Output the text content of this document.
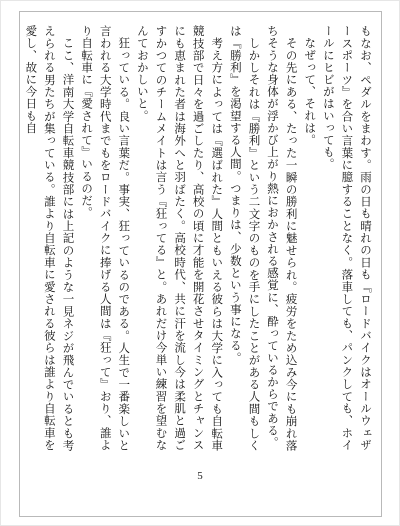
もなお、ペダルをまわす。雨の日も晴れの日も『ロードバイクはオールウェザースポーツ』を合い言葉に臆することなく。落車しても、パンクしても、ホイールにヒビがはいっても。

なぜって、それは。

その先にある、たった一瞬の勝利に魅せられ。疲労をため込み今にも崩れ落ちそうな身体が浮かび上がり熱におかされる感覚に、酔っているからである。

しかしそれは『勝利』という二文字のものを手にしたことがある人間もしくは『勝利』を渇望する人間。つまりは、少数という事になる。

考え方によっては『選ばれた』人間ともいえる彼らは大学に入っても自転車競技部で日々を過ごしたり、高校の頃に才能を開花させタイミングとチャンスにも恵まれた者は海外へと羽ばたく。高校時代、共に汗を流し今は柔肌と過ごすかつてのチームメイトは言う『狂ってる』と。あれだけ今単い練習を望むなんておかしいと。

狂っている。良い言葉だ。事実、狂っているのである。人生で一番楽しいと言われる大学時代までもをロードバイクに捧げる人間は『狂って』おり、誰より自転車に『愛されて』いるのだ。

ここ、洋南大学自転車競技部には上記のような一見ネジが飛んでいるとも考えられる男たちが集っている。誰より自転車に愛される彼らは誰より自転車を愛し、故に今日も自

5
